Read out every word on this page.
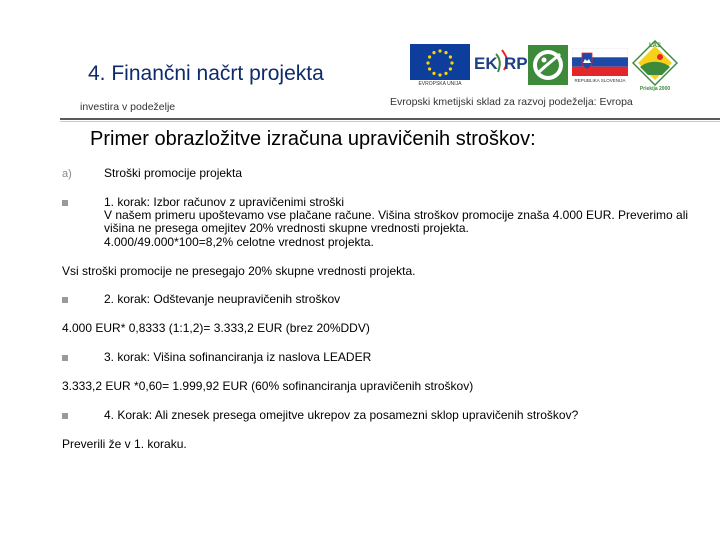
4. Finančni načrt projekta
investira v podeželje	Evropski kmetijski sklad za razvoj podeželja: Evropa
EVROPSKA UNIJA
EK RP
REPUBLIKA SLOVENIJA
LAS
Prlekija 2000
Primer obrazložitve izračuna upravičenih stroškov:
a)	Stroški promocije projekta
1. korak: Izbor računov z upravičenimi stroški
V našem primeru upoštevamo vse plačane račune. Višina stroškov promocije znaša 4.000 EUR. Preverimo ali
višina ne presega omejitev 20% vrednosti skupne vrednosti projekta.
4.000/49.000*100=8,2% celotne vrednost projekta.
Vsi stroški promocije ne presegajo 20% skupne vrednosti projekta.
2. korak: Odštevanje neupravičenih stroškov
4.000 EUR* 0,8333 (1:1,2)= 3.333,2 EUR (brez 20%DDV)
3. korak: Višina sofinanciranja iz naslova LEADER
3.333,2 EUR *0,60= 1.999,92 EUR (60% sofinanciranja upravičenih stroškov)
4. Korak: Ali znesek presega omejitve ukrepov za posamezni sklop upravičenih stroškov?
Preverili že v 1. koraku.
